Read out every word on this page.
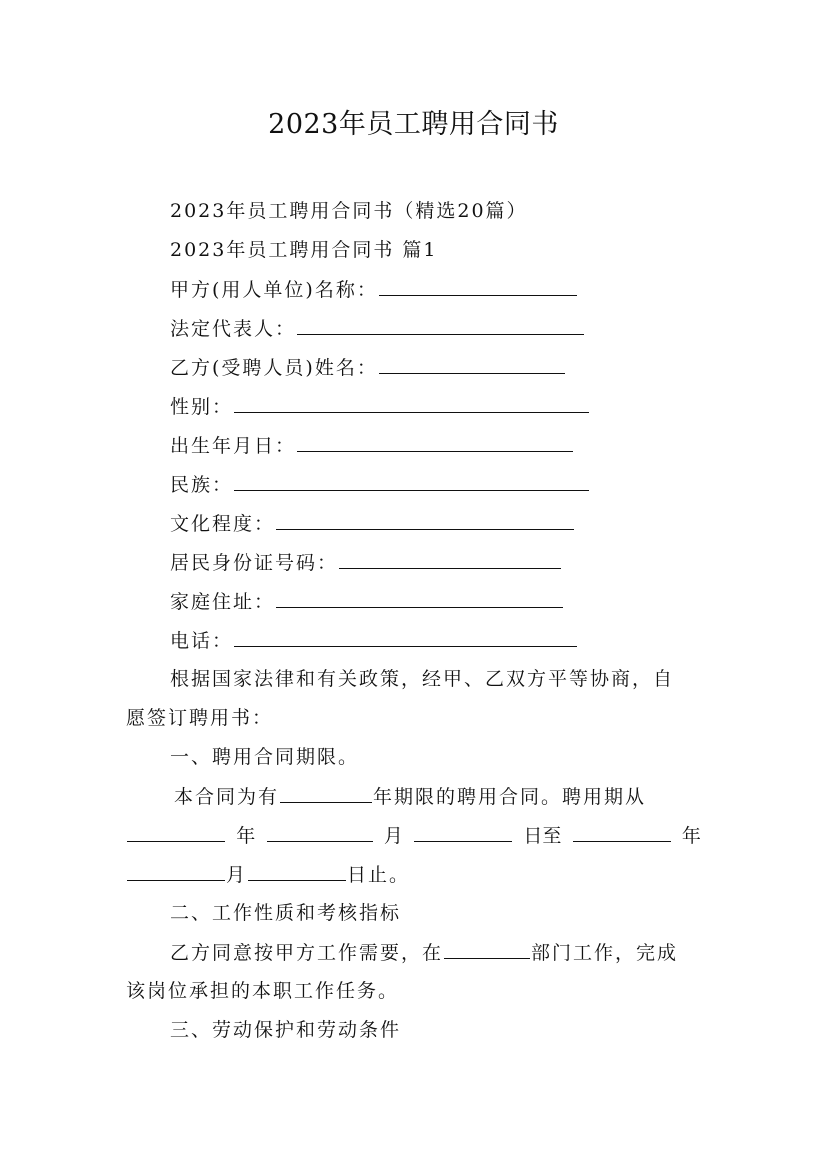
2023年员工聘用合同书
2023年员工聘用合同书（精选20篇）
2023年员工聘用合同书 篇1
甲方(用人单位)名称：
法定代表人：
乙方(受聘人员)姓名：
性别：
出生年月日：
民族：
文化程度：
居民身份证号码：
家庭住址：
电话：
根据国家法律和有关政策，经甲、乙双方平等协商，自
愿签订聘用书：
一、聘用合同期限。
本合同为有	年期限的聘用合同。聘用期从
年	月	日至	年
月	日止。
二、工作性质和考核指标
乙方同意按甲方工作需要，在	部门工作，完成
该岗位承担的本职工作任务。
三、劳动保护和劳动条件
